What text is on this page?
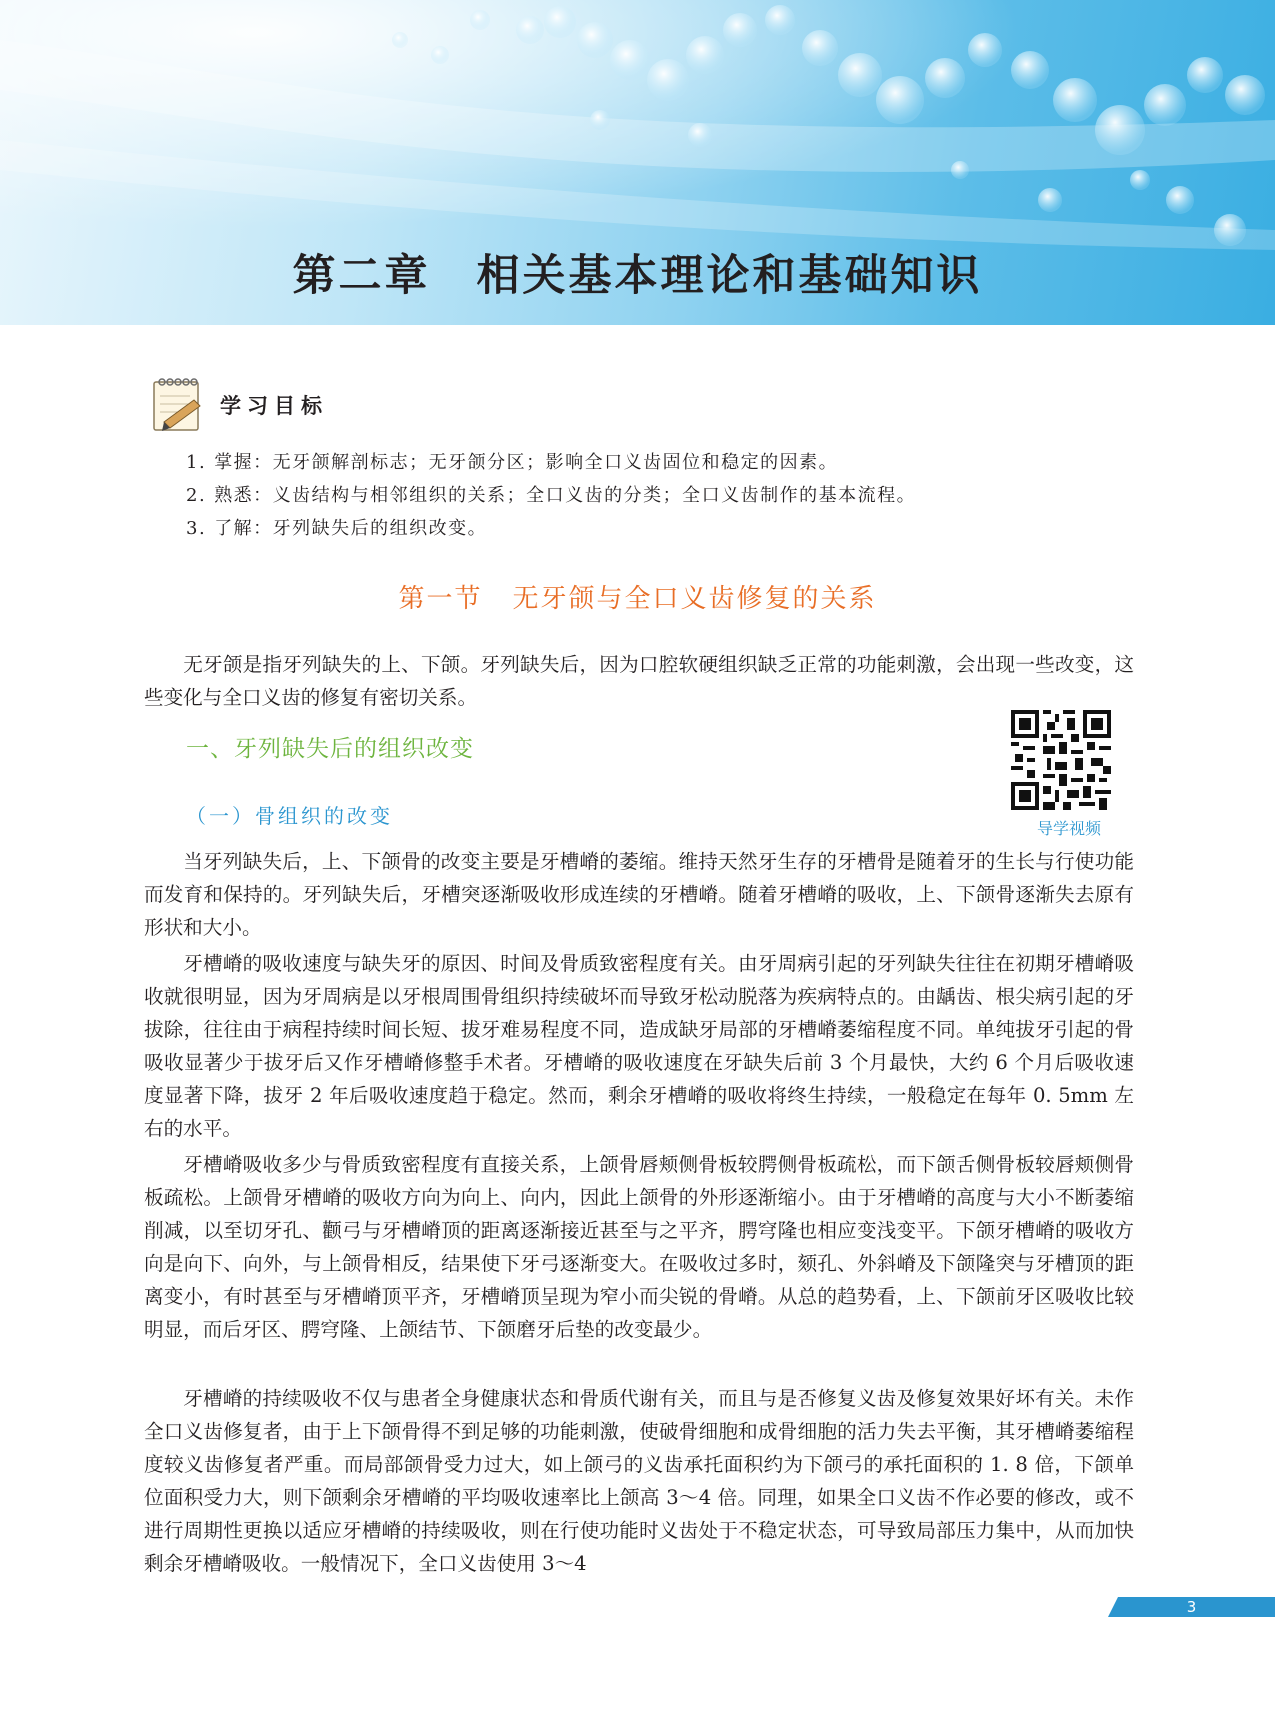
第二章 相关基本理论和基础知识
学习目标
1. 掌握：无牙颌解剖标志；无牙颌分区；影响全口义齿固位和稳定的因素。
2. 熟悉：义齿结构与相邻组织的关系；全口义齿的分类；全口义齿制作的基本流程。
3. 了解：牙列缺失后的组织改变。
第一节 无牙颌与全口义齿修复的关系

无牙颌是指牙列缺失的上、下颌。牙列缺失后，因为口腔软硬组织缺乏正常的功能刺激，会出现一些改变，这些变化与全口义齿的修复有密切关系。

一、牙列缺失后的组织改变
导学视频
（一）骨组织的改变

当牙列缺失后，上、下颌骨的改变主要是牙槽嵴的萎缩。维持天然牙生存的牙槽骨是随着牙的生长与行使功能而发育和保持的。牙列缺失后，牙槽突逐渐吸收形成连续的牙槽嵴。随着牙槽嵴的吸收，上、下颌骨逐渐失去原有形状和大小。

牙槽嵴的吸收速度与缺失牙的原因、时间及骨质致密程度有关。由牙周病引起的牙列缺失往往在初期牙槽嵴吸收就很明显，因为牙周病是以牙根周围骨组织持续破坏而导致牙松动脱落为疾病特点的。由龋齿、根尖病引起的牙拔除，往往由于病程持续时间长短、拔牙难易程度不同，造成缺牙局部的牙槽嵴萎缩程度不同。单纯拔牙引起的骨吸收显著少于拔牙后又作牙槽嵴修整手术者。牙槽嵴的吸收速度在牙缺失后前 3 个月最快，大约 6 个月后吸收速度显著下降，拔牙 2 年后吸收速度趋于稳定。然而，剩余牙槽嵴的吸收将终生持续，一般稳定在每年 0. 5mm 左右的水平。

牙槽嵴吸收多少与骨质致密程度有直接关系，上颌骨唇颊侧骨板较腭侧骨板疏松，而下颌舌侧骨板较唇颊侧骨板疏松。上颌骨牙槽嵴的吸收方向为向上、向内，因此上颌骨的外形逐渐缩小。由于牙槽嵴的高度与大小不断萎缩削减，以至切牙孔、颧弓与牙槽嵴顶的距离逐渐接近甚至与之平齐，腭穹隆也相应变浅变平。下颌牙槽嵴的吸收方向是向下、向外，与上颌骨相反，结果使下牙弓逐渐变大。在吸收过多时，颏孔、外斜嵴及下颌隆突与牙槽顶的距离变小，有时甚至与牙槽嵴顶平齐，牙槽嵴顶呈现为窄小而尖锐的骨嵴。从总的趋势看，上、下颌前牙区吸收比较明显，而后牙区、腭穹隆、上颌结节、下颌磨牙后垫的改变最少。

牙槽嵴的持续吸收不仅与患者全身健康状态和骨质代谢有关，而且与是否修复义齿及修复效果好坏有关。未作全口义齿修复者，由于上下颌骨得不到足够的功能刺激，使破骨细胞和成骨细胞的活力失去平衡，其牙槽嵴萎缩程度较义齿修复者严重。而局部颌骨受力过大，如上颌弓的义齿承托面积约为下颌弓的承托面积的 1. 8 倍，下颌单位面积受力大，则下颌剩余牙槽嵴的平均吸收速率比上颌高 3～4 倍。同理，如果全口义齿不作必要的修改，或不进行周期性更换以适应牙槽嵴的持续吸收，则在行使功能时义齿处于不稳定状态，可导致局部压力集中，从而加快剩余牙槽嵴吸收。一般情况下，全口义齿使用 3～4

3
